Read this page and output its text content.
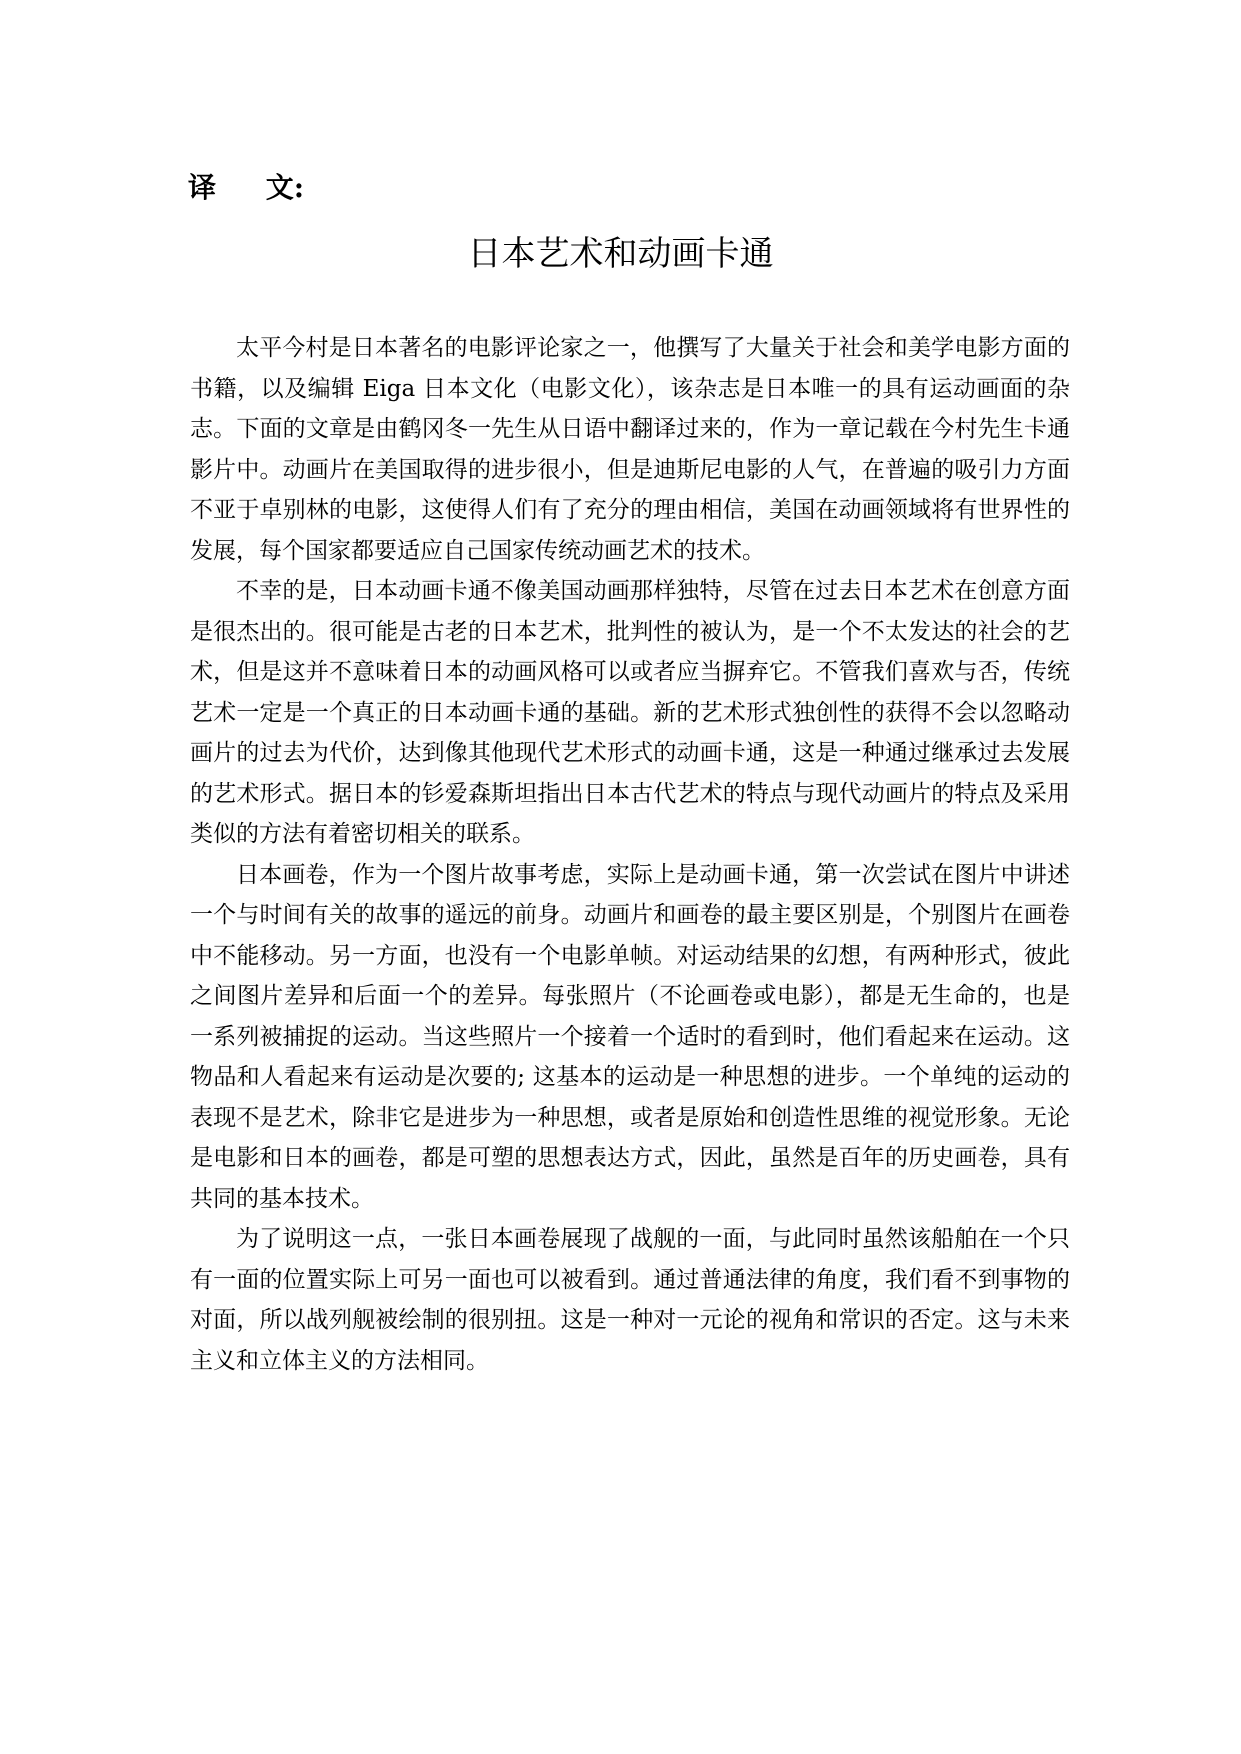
译 文:
日本艺术和动画卡通

太平今村是日本著名的电影评论家之一，他撰写了大量关于社会和美学电影方面的书籍，以及编辑 Eiga 日本文化（电影文化），该杂志是日本唯一的具有运动画面的杂志。下面的文章是由鹤冈冬一先生从日语中翻译过来的，作为一章记载在今村先生卡通影片中。动画片在美国取得的进步很小，但是迪斯尼电影的人气，在普遍的吸引力方面不亚于卓别林的电影，这使得人们有了充分的理由相信，美国在动画领域将有世界性的发展，每个国家都要适应自己国家传统动画艺术的技术。

不幸的是，日本动画卡通不像美国动画那样独特，尽管在过去日本艺术在创意方面是很杰出的。很可能是古老的日本艺术，批判性的被认为，是一个不太发达的社会的艺术，但是这并不意味着日本的动画风格可以或者应当摒弃它。不管我们喜欢与否，传统艺术一定是一个真正的日本动画卡通的基础。新的艺术形式独创性的获得不会以忽略动画片的过去为代价，达到像其他现代艺术形式的动画卡通，这是一种通过继承过去发展的艺术形式。据日本的钐爱森斯坦指出日本古代艺术的特点与现代动画片的特点及采用类似的方法有着密切相关的联系。

日本画卷，作为一个图片故事考虑，实际上是动画卡通，第一次尝试在图片中讲述一个与时间有关的故事的遥远的前身。动画片和画卷的最主要区别是，个别图片在画卷中不能移动。另一方面，也没有一个电影单帧。对运动结果的幻想，有两种形式，彼此之间图片差异和后面一个的差异。每张照片（不论画卷或电影），都是无生命的，也是一系列被捕捉的运动。当这些照片一个接着一个适时的看到时，他们看起来在运动。这物品和人看起来有运动是次要的; 这基本的运动是一种思想的进步。一个单纯的运动的表现不是艺术，除非它是进步为一种思想，或者是原始和创造性思维的视觉形象。无论是电影和日本的画卷，都是可塑的思想表达方式，因此，虽然是百年的历史画卷，具有共同的基本技术。

为了说明这一点，一张日本画卷展现了战舰的一面，与此同时虽然该船舶在一个只有一面的位置实际上可另一面也可以被看到。通过普通法律的角度，我们看不到事物的对面，所以战列舰被绘制的很别扭。这是一种对一元论的视角和常识的否定。这与未来主义和立体主义的方法相同。
